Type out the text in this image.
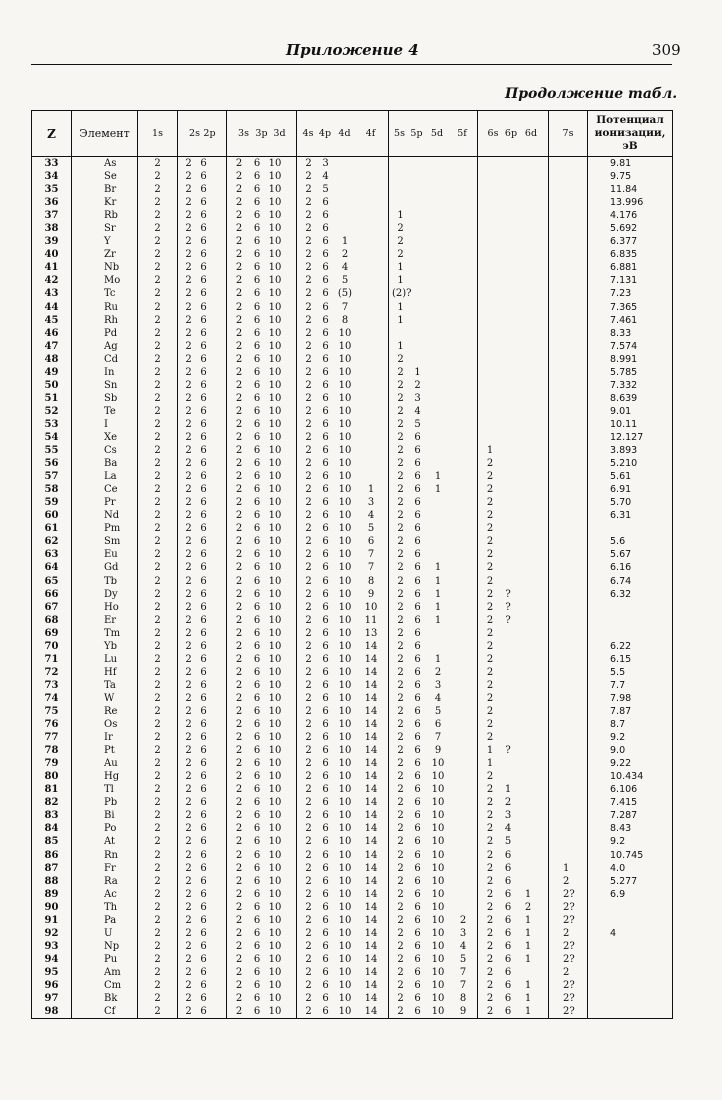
Приложение 4	309
Продолжение табл.
Z	Элемент	1s	2s 2p	3s 3p 3d	4s 4p 4d 4f	5s 5p 5d 5f	6s 6p 6d	7s	Потенциал ионизации, эВ
33	As	2	2 6	2 6 10	2 3				9.81
34	Se	2	2 6	2 6 10	2 4				9.75
35	Br	2	2 6	2 6 10	2 5				11.84
36	Kr	2	2 6	2 6 10	2 6				13.996
37	Rb	2	2 6	2 6 10	2 6	1			4.176
38	Sr	2	2 6	2 6 10	2 6	2			5.692
39	Y	2	2 6	2 6 10	2 6 1	2			6.377
40	Zr	2	2 6	2 6 10	2 6 2	2			6.835
41	Nb	2	2 6	2 6 10	2 6 4	1			6.881
42	Mo	2	2 6	2 6 10	2 6 5	1			7.131
43	Tc	2	2 6	2 6 10	2 6 (5)	(2)?			7.23
44	Ru	2	2 6	2 6 10	2 6 7	1			7.365
45	Rh	2	2 6	2 6 10	2 6 8	1			7.461
46	Pd	2	2 6	2 6 10	2 6 10				8.33
47	Ag	2	2 6	2 6 10	2 6 10	1			7.574
48	Cd	2	2 6	2 6 10	2 6 10	2			8.991
49	In	2	2 6	2 6 10	2 6 10	2 1			5.785
50	Sn	2	2 6	2 6 10	2 6 10	2 2			7.332
51	Sb	2	2 6	2 6 10	2 6 10	2 3			8.639
52	Te	2	2 6	2 6 10	2 6 10	2 4			9.01
53	I	2	2 6	2 6 10	2 6 10	2 5			10.11
54	Xe	2	2 6	2 6 10	2 6 10	2 6			12.127
55	Cs	2	2 6	2 6 10	2 6 10	2 6	1		3.893
56	Ba	2	2 6	2 6 10	2 6 10	2 6	2		5.210
57	La	2	2 6	2 6 10	2 6 10	2 6 1	2		5.61
58	Ce	2	2 6	2 6 10	2 6 10 1	2 6 1	2		6.91
59	Pr	2	2 6	2 6 10	2 6 10 3	2 6	2		5.70
60	Nd	2	2 6	2 6 10	2 6 10 4	2 6	2		6.31
61	Pm	2	2 6	2 6 10	2 6 10 5	2 6	2		
62	Sm	2	2 6	2 6 10	2 6 10 6	2 6	2		5.6
63	Eu	2	2 6	2 6 10	2 6 10 7	2 6	2		5.67
64	Gd	2	2 6	2 6 10	2 6 10 7	2 6 1	2		6.16
65	Tb	2	2 6	2 6 10	2 6 10 8	2 6 1	2		6.74
66	Dy	2	2 6	2 6 10	2 6 10 9	2 6 1	2 ?		6.32
67	Ho	2	2 6	2 6 10	2 6 10 10	2 6 1	2 ?		
68	Er	2	2 6	2 6 10	2 6 10 11	2 6 1	2 ?		
69	Tm	2	2 6	2 6 10	2 6 10 13	2 6	2		
70	Yb	2	2 6	2 6 10	2 6 10 14	2 6	2		6.22
71	Lu	2	2 6	2 6 10	2 6 10 14	2 6 1	2		6.15
72	Hf	2	2 6	2 6 10	2 6 10 14	2 6 2	2		5.5
73	Ta	2	2 6	2 6 10	2 6 10 14	2 6 3	2		7.7
74	W	2	2 6	2 6 10	2 6 10 14	2 6 4	2		7.98
75	Re	2	2 6	2 6 10	2 6 10 14	2 6 5	2		7.87
76	Os	2	2 6	2 6 10	2 6 10 14	2 6 6	2		8.7
77	Ir	2	2 6	2 6 10	2 6 10 14	2 6 7	2		9.2
78	Pt	2	2 6	2 6 10	2 6 10 14	2 6 9	1 ?		9.0
79	Au	2	2 6	2 6 10	2 6 10 14	2 6 10	1		9.22
80	Hg	2	2 6	2 6 10	2 6 10 14	2 6 10	2		10.434
81	Tl	2	2 6	2 6 10	2 6 10 14	2 6 10	2 1		6.106
82	Pb	2	2 6	2 6 10	2 6 10 14	2 6 10	2 2		7.415
83	Bi	2	2 6	2 6 10	2 6 10 14	2 6 10	2 3		7.287
84	Po	2	2 6	2 6 10	2 6 10 14	2 6 10	2 4		8.43
85	At	2	2 6	2 6 10	2 6 10 14	2 6 10	2 5		9.2
86	Rn	2	2 6	2 6 10	2 6 10 14	2 6 10	2 6		10.745
87	Fr	2	2 6	2 6 10	2 6 10 14	2 6 10	2 6	1	4.0
88	Ra	2	2 6	2 6 10	2 6 10 14	2 6 10	2 6	2	5.277
89	Ac	2	2 6	2 6 10	2 6 10 14	2 6 10	2 6 1	2?	6.9
90	Th	2	2 6	2 6 10	2 6 10 14	2 6 10	2 6 2	2?	
91	Pa	2	2 6	2 6 10	2 6 10 14	2 6 10 2	2 6 1	2?	
92	U	2	2 6	2 6 10	2 6 10 14	2 6 10 3	2 6 1	2	4
93	Np	2	2 6	2 6 10	2 6 10 14	2 6 10 4	2 6 1	2?	
94	Pu	2	2 6	2 6 10	2 6 10 14	2 6 10 5	2 6 1	2?	
95	Am	2	2 6	2 6 10	2 6 10 14	2 6 10 7	2 6	2	
96	Cm	2	2 6	2 6 10	2 6 10 14	2 6 10 7	2 6 1	2?	
97	Bk	2	2 6	2 6 10	2 6 10 14	2 6 10 8	2 6 1	2?	
98	Cf	2	2 6	2 6 10	2 6 10 14	2 6 10 9	2 6 1	2?	
